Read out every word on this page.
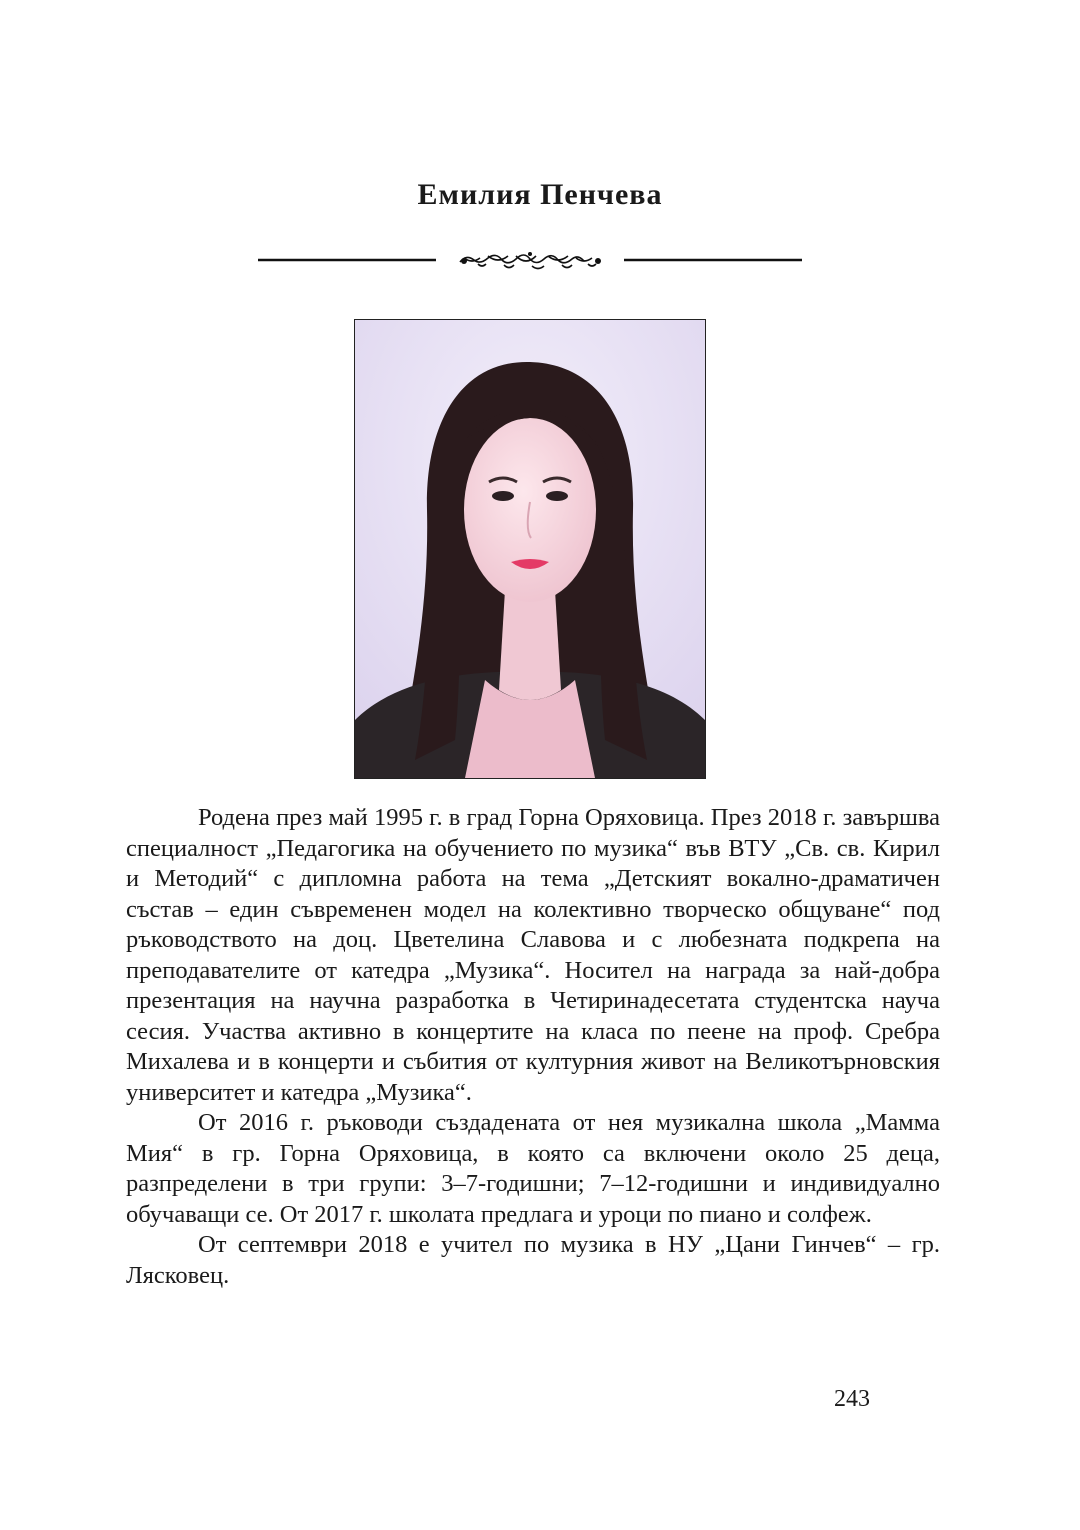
Емилия Пенчева

Родена през май 1995 г. в град Горна Оряховица. През 2018 г. завършва специалност „Педагогика на обучението по музика“ във ВТУ „Св. св. Кирил и Методий“ с дипломна работа на тема „Детският вокално-драматичен състав – един съвременен модел на колективно творческо общуване“ под ръководството на доц. Цветелина Славова и с любезната подкрепа на преподавателите от катедра „Музика“. Носител на награда за най-добра презентация на научна разработка в Четиринадесетата студентска науча сесия. Участва активно в концертите на класа по пеене на проф. Сребра Михалева и в концерти и събития от културния живот на Великотърновския университет и катедра „Музика“.

От 2016 г. ръководи създадената от нея музикална школа „Мамма Мия“ в гр. Горна Оряховица, в която са включени около 25 деца, разпределени в три групи: 3–7-годишни; 7–12-годишни и индивидуално обучаващи се. От 2017 г. школата предлага и уроци по пиано и солфеж.

От септември 2018 е учител по музика в НУ „Цани Гинчев“ – гр. Лясковец.

243
